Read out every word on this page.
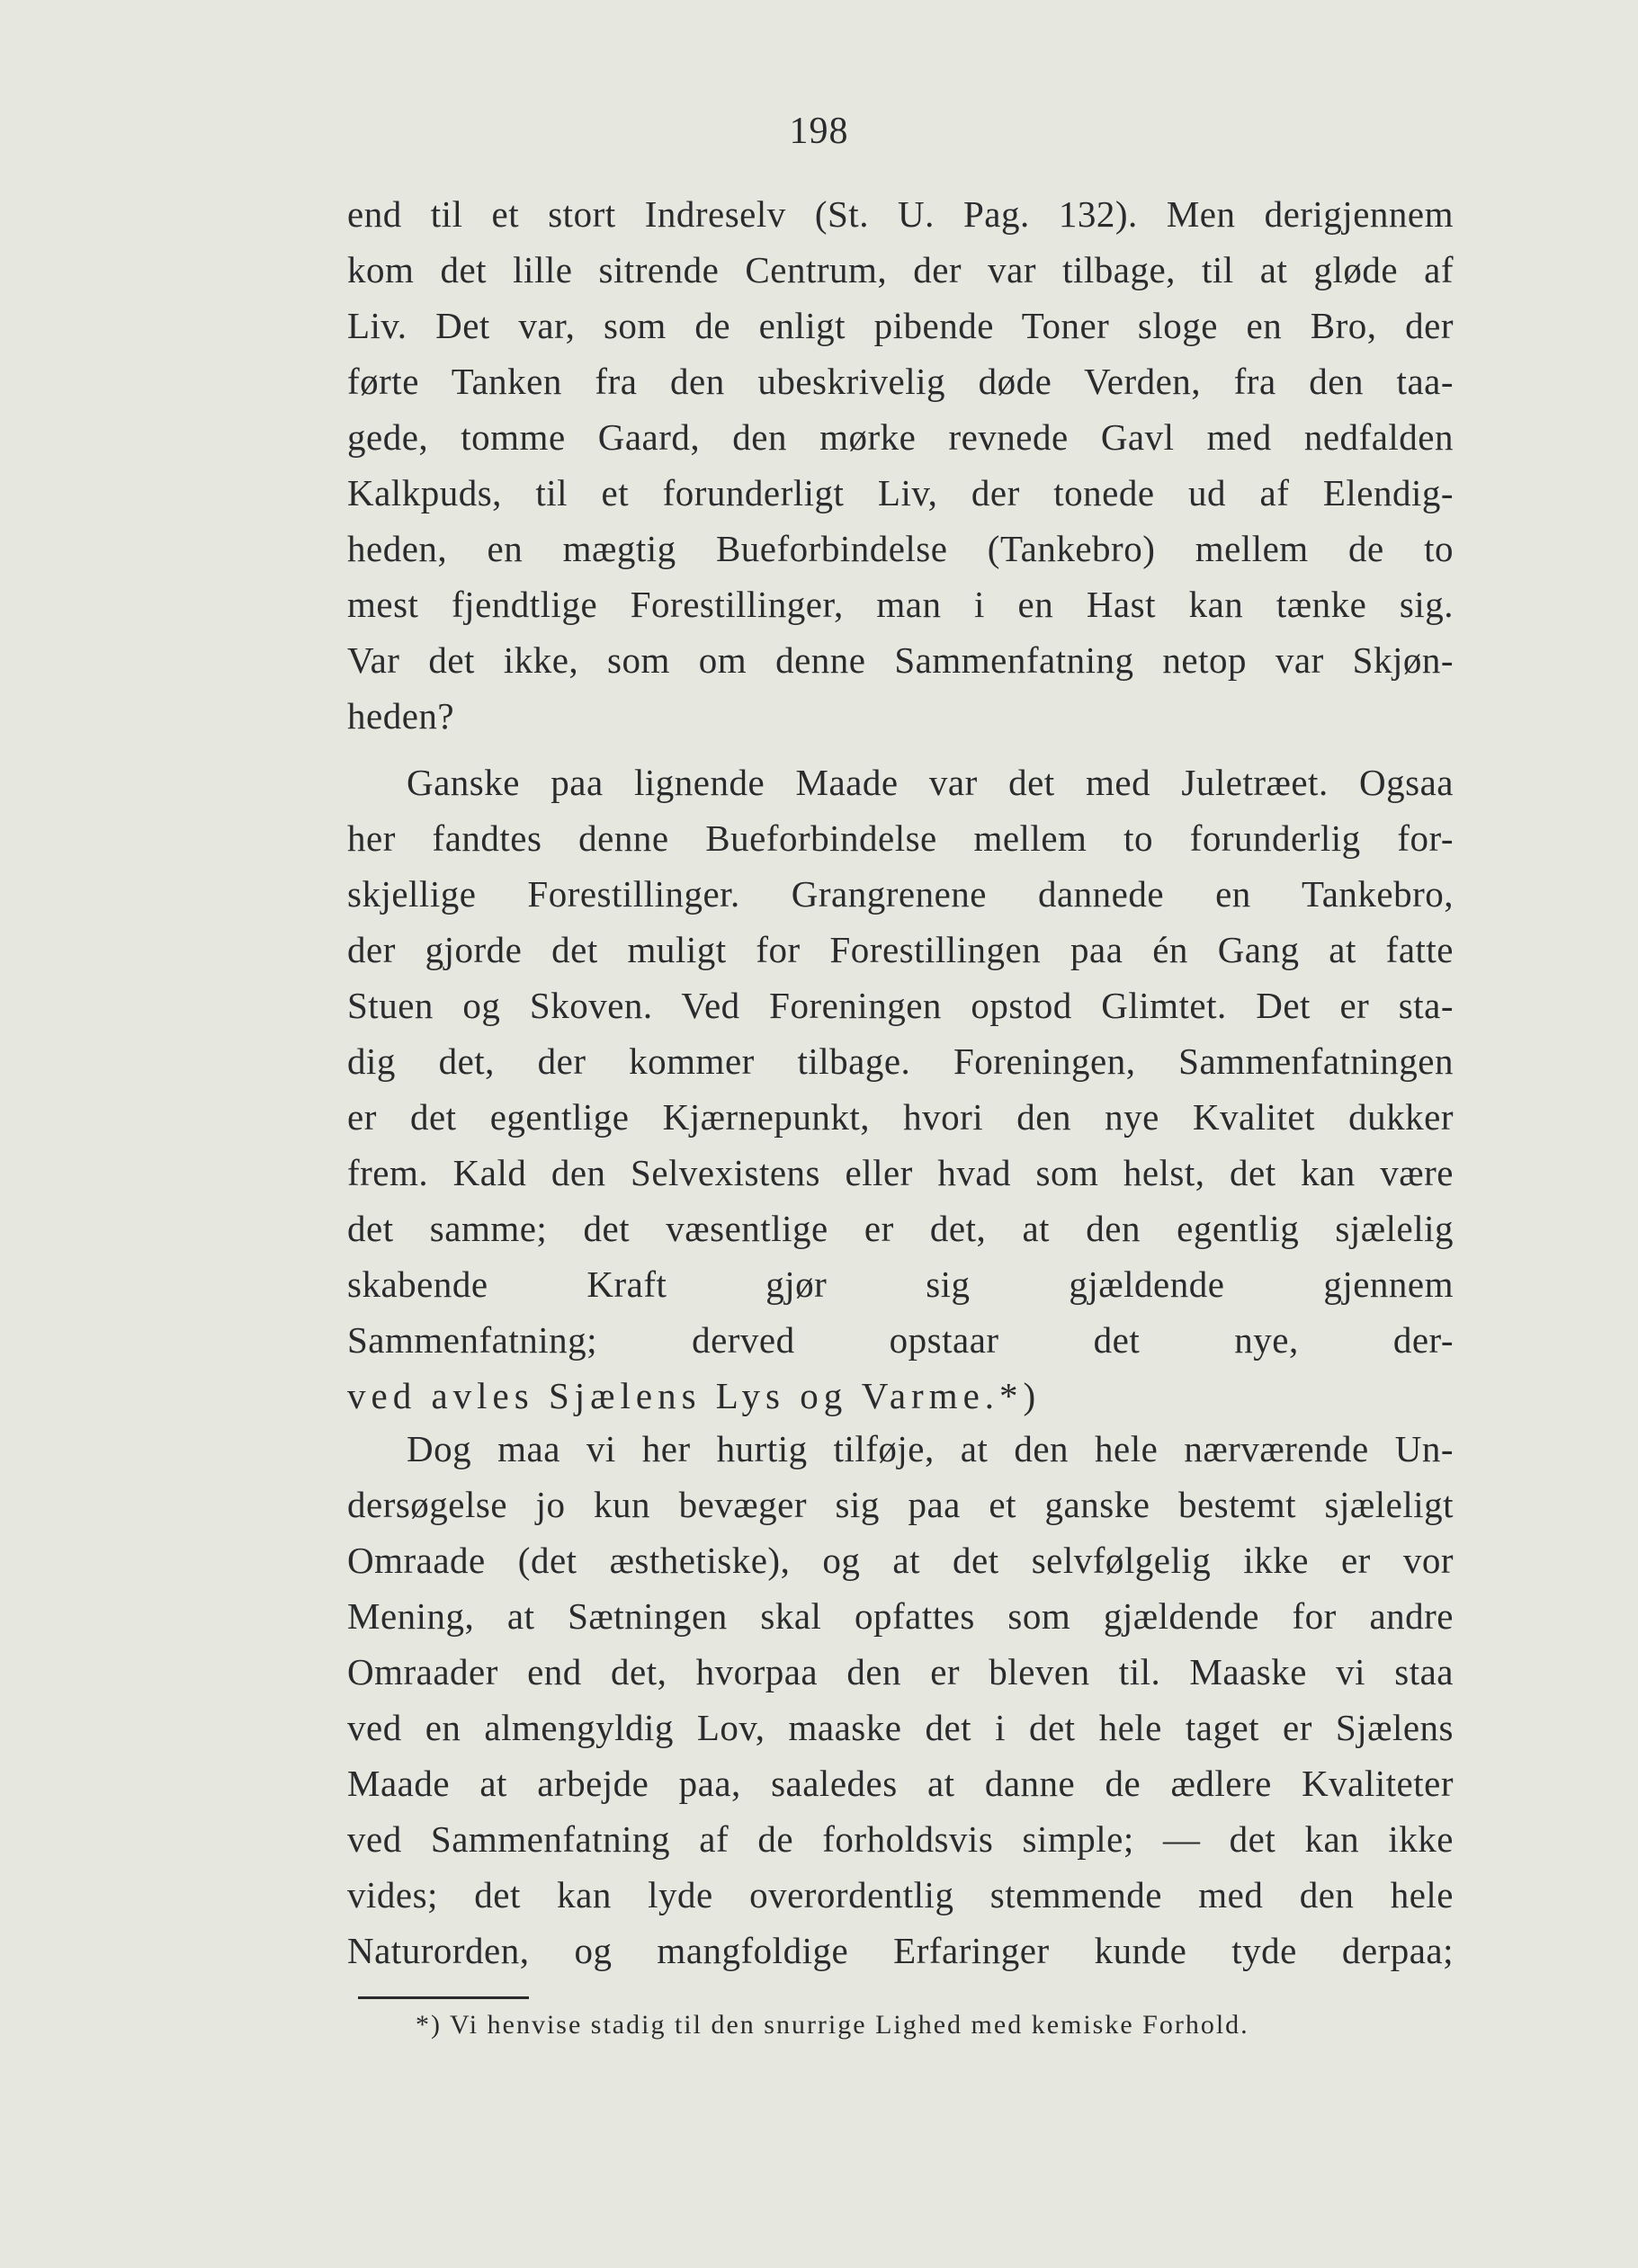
198
end til et stort Indreselv (St. U. Pag. 132). Men derigjennem
kom det lille sitrende Centrum, der var tilbage, til at gløde af
Liv. Det var, som de enligt pibende Toner sloge en Bro, der
førte Tanken fra den ubeskrivelig døde Verden, fra den taa-
gede, tomme Gaard, den mørke revnede Gavl med nedfalden
Kalkpuds, til et forunderligt Liv, der tonede ud af Elendig-
heden, en mægtig Bueforbindelse (Tankebro) mellem de to
mest fjendtlige Forestillinger, man i en Hast kan tænke sig.
Var det ikke, som om denne Sammenfatning netop var Skjøn-
heden?
Ganske paa lignende Maade var det med Juletræet. Ogsaa
her fandtes denne Bueforbindelse mellem to forunderlig for-
skjellige Forestillinger. Grangrenene dannede en Tankebro,
der gjorde det muligt for Forestillingen paa én Gang at fatte
Stuen og Skoven. Ved Foreningen opstod Glimtet. Det er sta-
dig det, der kommer tilbage. Foreningen, Sammenfatningen
er det egentlige Kjærnepunkt, hvori den nye Kvalitet dukker
frem. Kald den Selvexistens eller hvad som helst, det kan være
det samme; det væsentlige er det, at den egentlig sjælelig
skabende Kraft gjør sig gjældende gjennem
Sammenfatning; derved opstaar det nye, der-
ved avles Sjælens Lys og Varme.*)
Dog maa vi her hurtig tilføje, at den hele nærværende Un-
dersøgelse jo kun bevæger sig paa et ganske bestemt sjæleligt
Omraade (det æsthetiske), og at det selvfølgelig ikke er vor
Mening, at Sætningen skal opfattes som gjældende for andre
Omraader end det, hvorpaa den er bleven til. Maaske vi staa
ved en almengyldig Lov, maaske det i det hele taget er Sjælens
Maade at arbejde paa, saaledes at danne de ædlere Kvaliteter
ved Sammenfatning af de forholdsvis simple; — det kan ikke
vides; det kan lyde overordentlig stemmende med den hele
Naturorden, og mangfoldige Erfaringer kunde tyde derpaa;
*) Vi henvise stadig til den snurrige Lighed med kemiske Forhold.
